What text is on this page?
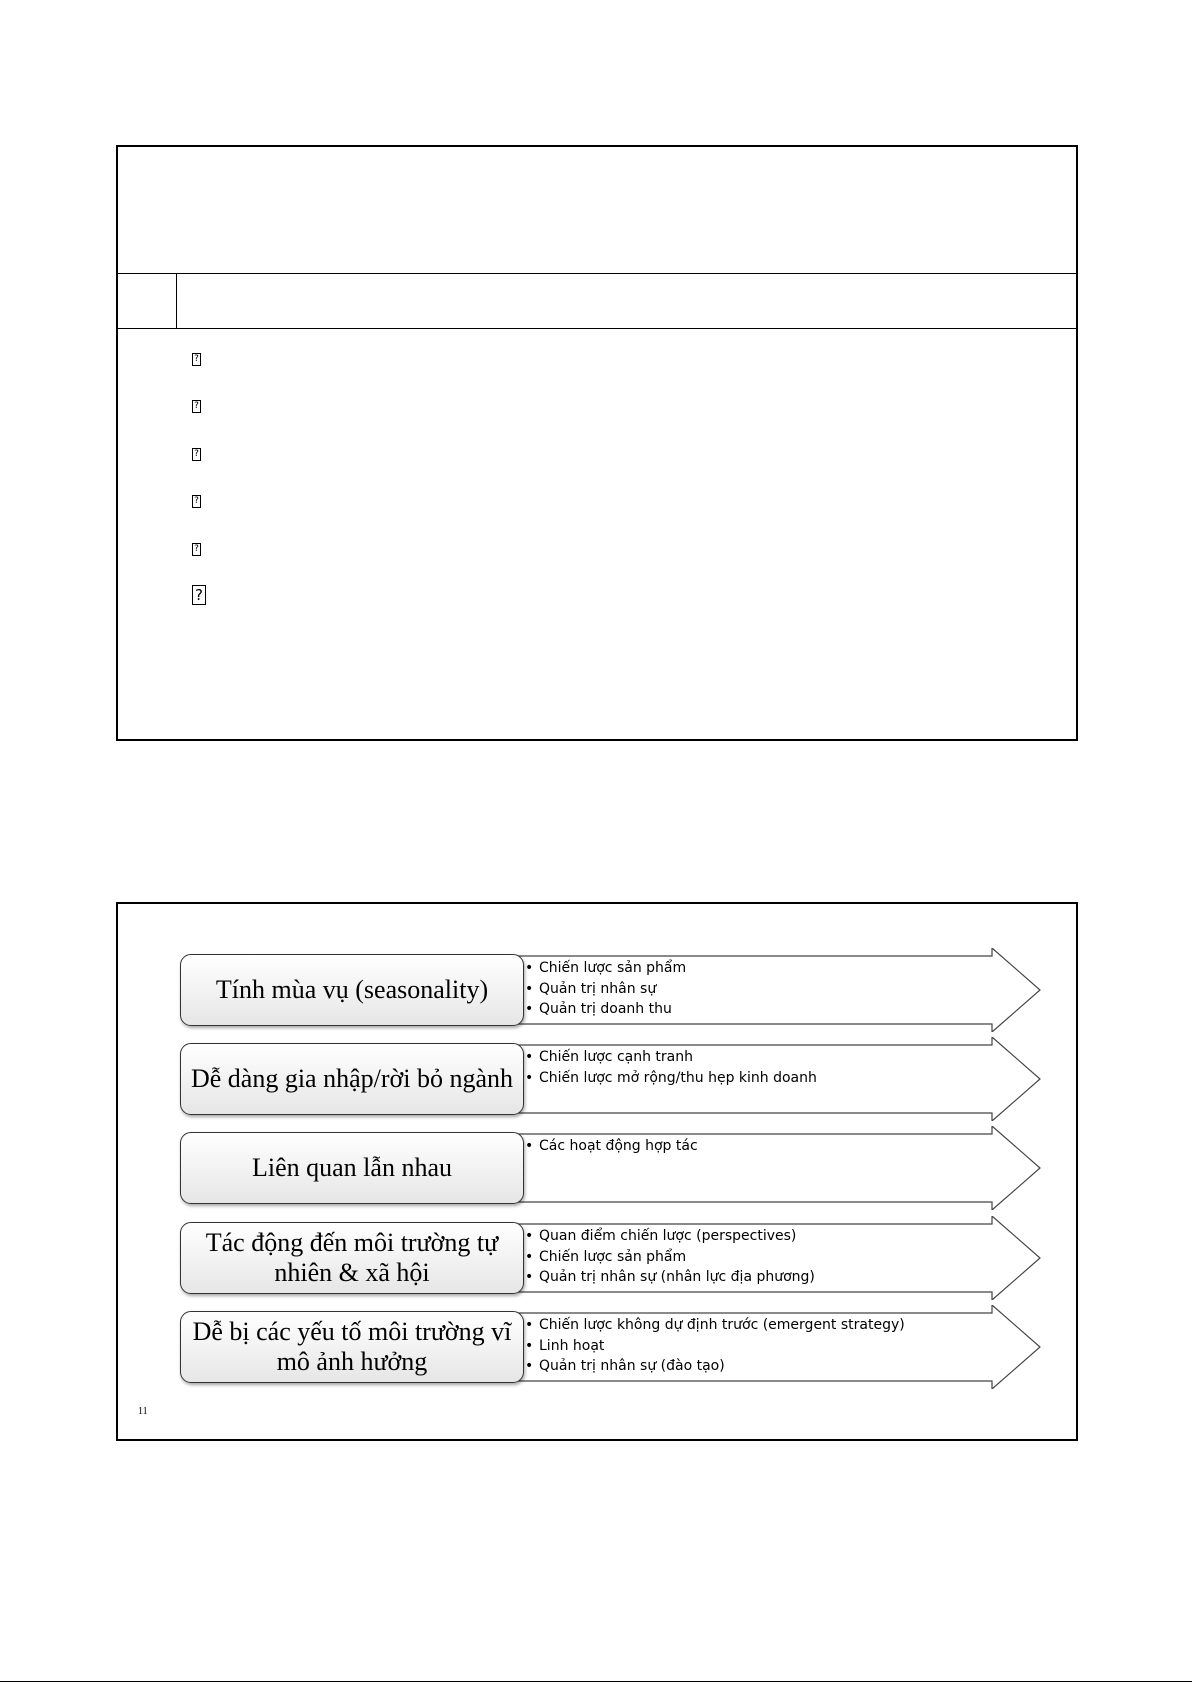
?
?
?
?
?
?
Tính mùa vụ (seasonality)
• Chiến lược sản phẩm
• Quản trị nhân sự
• Quản trị doanh thu
Dễ dàng gia nhập/rời bỏ ngành
• Chiến lược cạnh tranh
• Chiến lược mở rộng/thu hẹp kinh doanh
Liên quan lẫn nhau
• Các hoạt động hợp tác
Tác động đến môi trường tự nhiên & xã hội
• Quan điểm chiến lược (perspectives)
• Chiến lược sản phẩm
• Quản trị nhân sự (nhân lực địa phương)
Dễ bị các yếu tố môi trường vĩ mô ảnh hưởng
• Chiến lược không dự định trước (emergent strategy)
• Linh hoạt
• Quản trị nhân sự (đào tạo)
11
